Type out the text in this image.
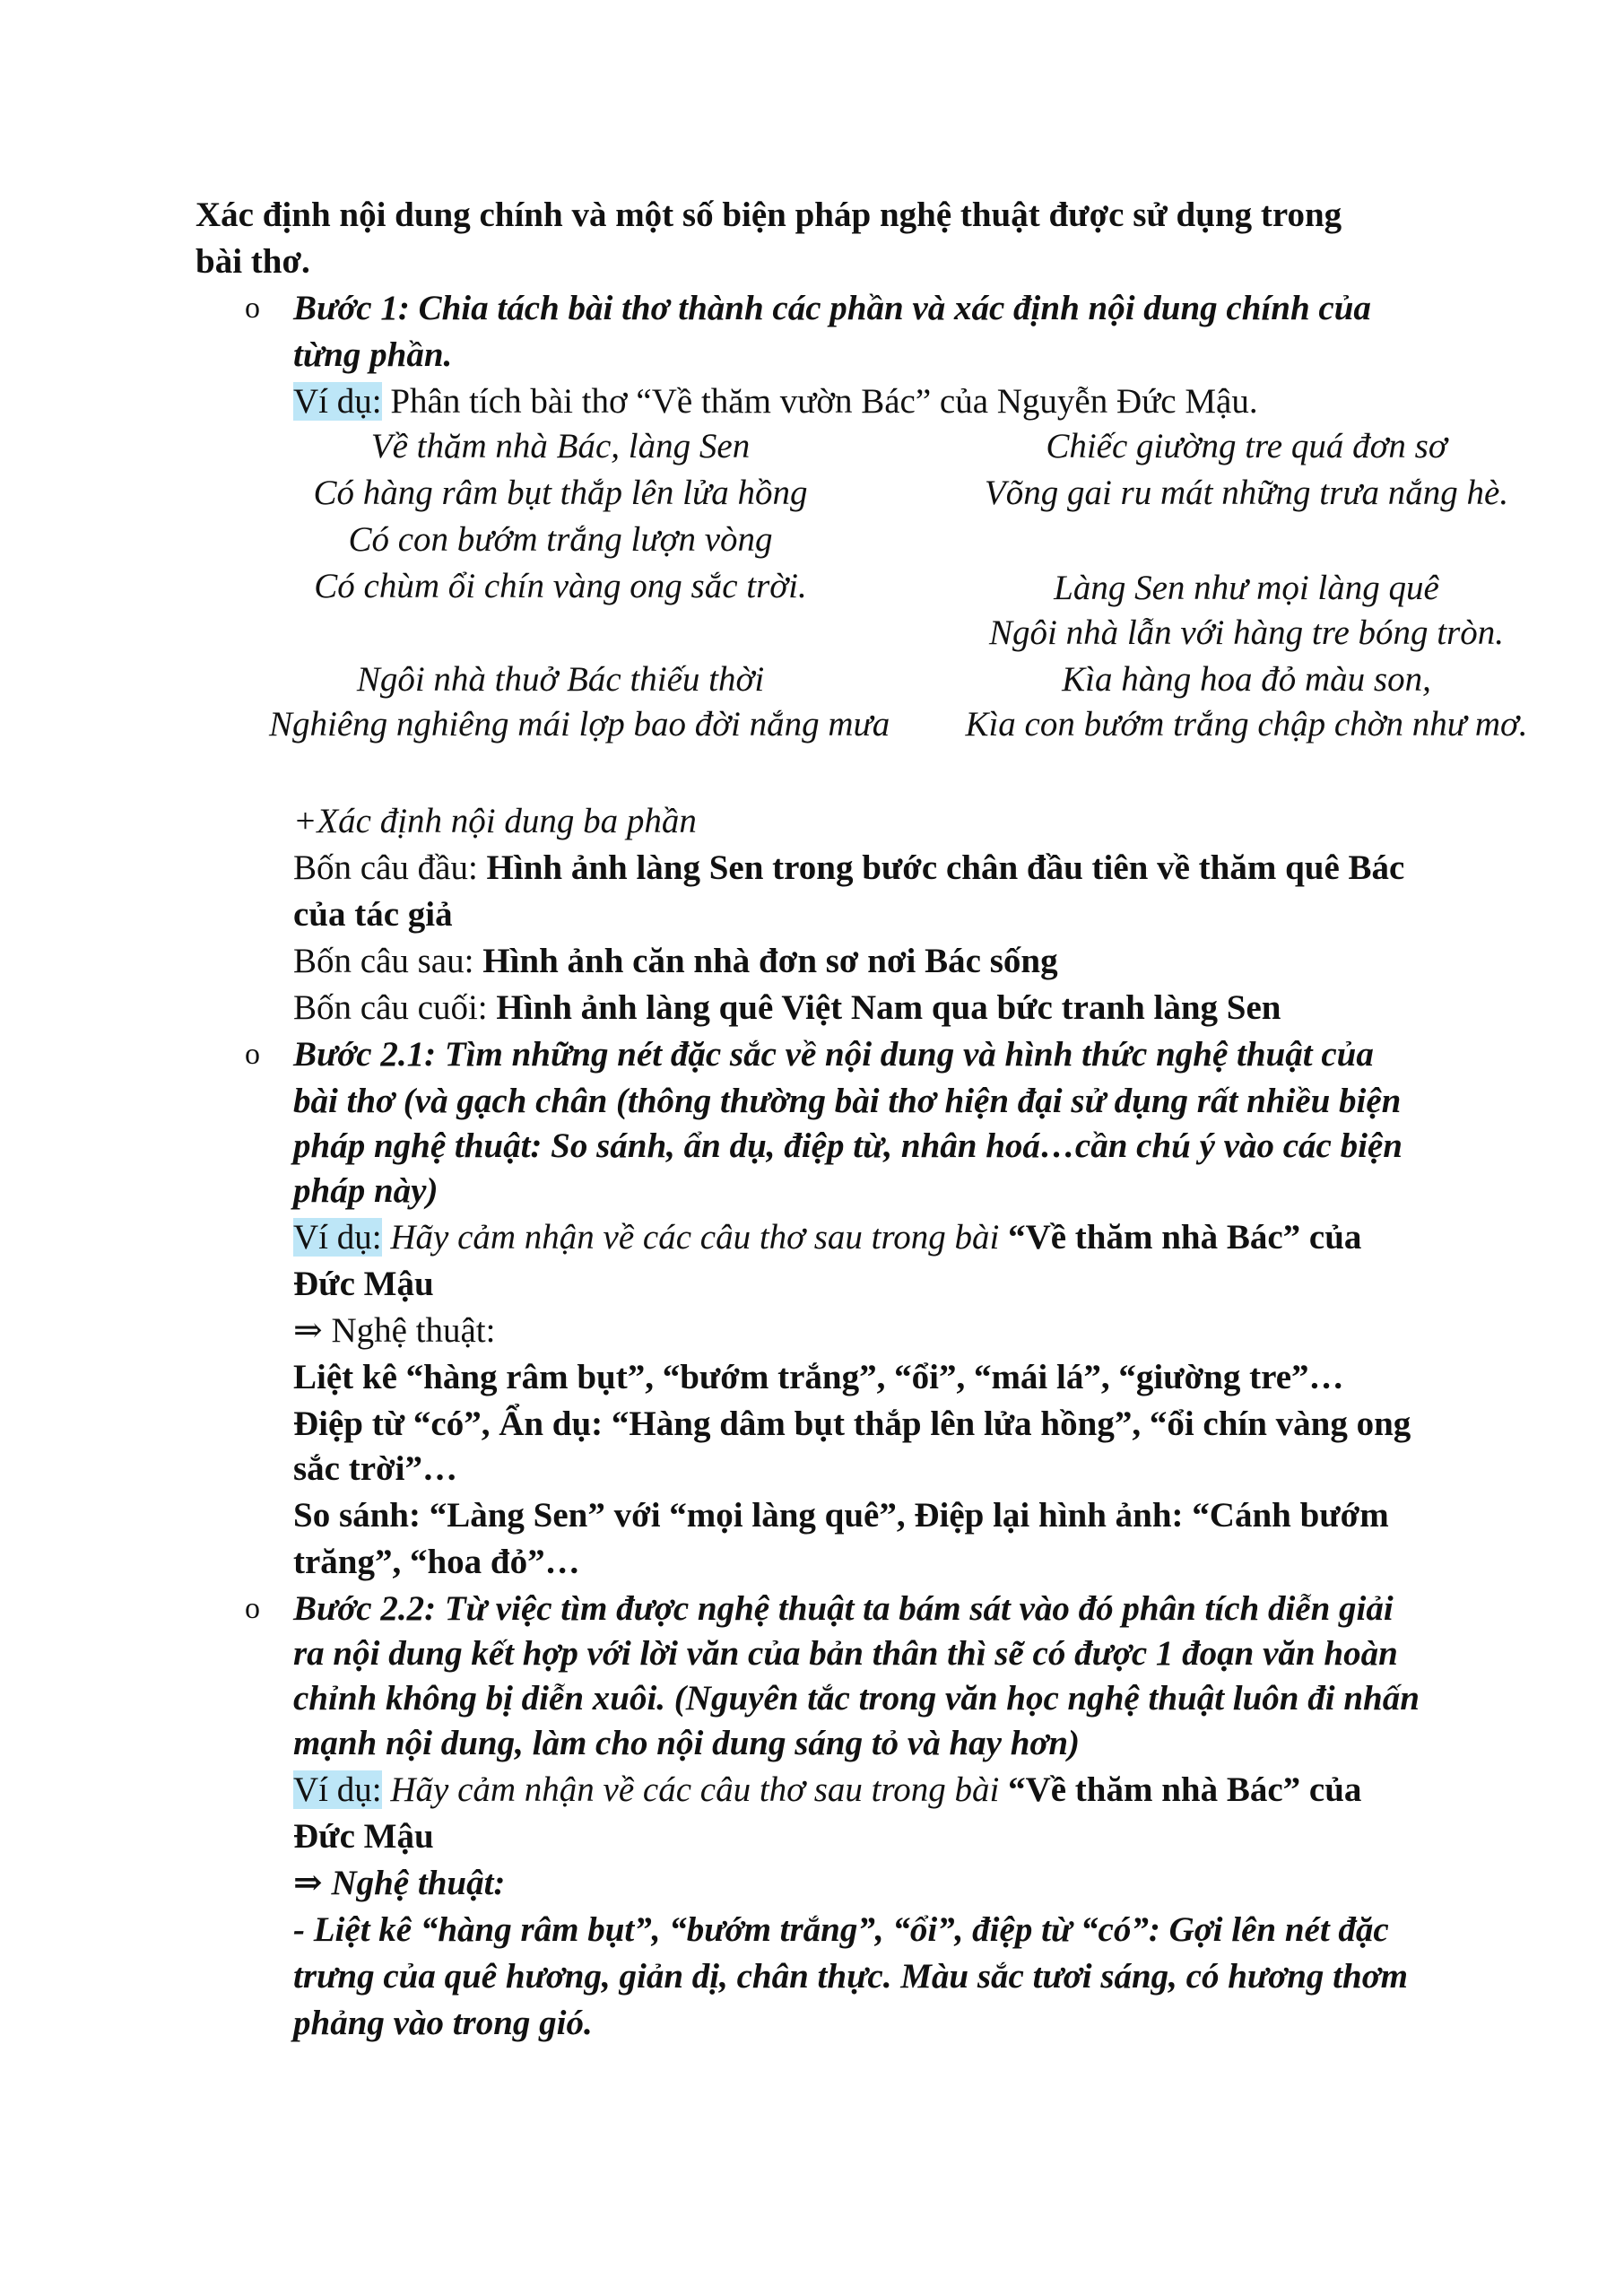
Xác định nội dung chính và một số biện pháp nghệ thuật được sử dụng trong
bài thơ.
o Bước 1: Chia tách bài thơ thành các phần và xác định nội dung chính của
từng phần.
Ví dụ: Phân tích bài thơ “Về thăm vườn Bác” của Nguyễn Đức Mậu.
Về thăm nhà Bác, làng Sen
Có hàng râm bụt thắp lên lửa hồng
Có con bướm trắng lượn vòng
Có chùm ổi chín vàng ong sắc trời.
Ngôi nhà thuở Bác thiếu thời
Nghiêng nghiêng mái lợp bao đời nắng mưa
Chiếc giường tre quá đơn sơ
Võng gai ru mát những trưa nắng hè.
Làng Sen như mọi làng quê
Ngôi nhà lẫn với hàng tre bóng tròn.
Kìa hàng hoa đỏ màu son,
Kìa con bướm trắng chập chờn như mơ.
+Xác định nội dung ba phần
Bốn câu đầu: Hình ảnh làng Sen trong bước chân đầu tiên về thăm quê Bác
của tác giả
Bốn câu sau: Hình ảnh căn nhà đơn sơ nơi Bác sống
Bốn câu cuối: Hình ảnh làng quê Việt Nam qua bức tranh làng Sen
o Bước 2.1: Tìm những nét đặc sắc về nội dung và hình thức nghệ thuật của
bài thơ (và gạch chân (thông thường bài thơ hiện đại sử dụng rất nhiều biện
pháp nghệ thuật: So sánh, ẩn dụ, điệp từ, nhân hoá…cần chú ý vào các biện
pháp này)
Ví dụ: Hãy cảm nhận về các câu thơ sau trong bài “Về thăm nhà Bác” của
Đức Mậu
⇒ Nghệ thuật:
Liệt kê “hàng râm bụt”, “bướm trắng”, “ổi”, “mái lá”, “giường tre”…
Điệp từ “có”, Ẩn dụ: “Hàng dâm bụt thắp lên lửa hồng”, “ổi chín vàng ong
sắc trời”…
So sánh: “Làng Sen” với “mọi làng quê”, Điệp lại hình ảnh: “Cánh bướm
trăng”, “hoa đỏ”…
o Bước 2.2: Từ việc tìm được nghệ thuật ta bám sát vào đó phân tích diễn giải
ra nội dung kết hợp với lời văn của bản thân thì sẽ có được 1 đoạn văn hoàn
chỉnh không bị diễn xuôi. (Nguyên tắc trong văn học nghệ thuật luôn đi nhấn
mạnh nội dung, làm cho nội dung sáng tỏ và hay hơn)
Ví dụ: Hãy cảm nhận về các câu thơ sau trong bài “Về thăm nhà Bác” của
Đức Mậu
⇒ Nghệ thuật:
- Liệt kê “hàng râm bụt”, “bướm trắng”, “ổi”, điệp từ “có”: Gợi lên nét đặc
trưng của quê hương, giản dị, chân thực. Màu sắc tươi sáng, có hương thơm
phảng vào trong gió.
